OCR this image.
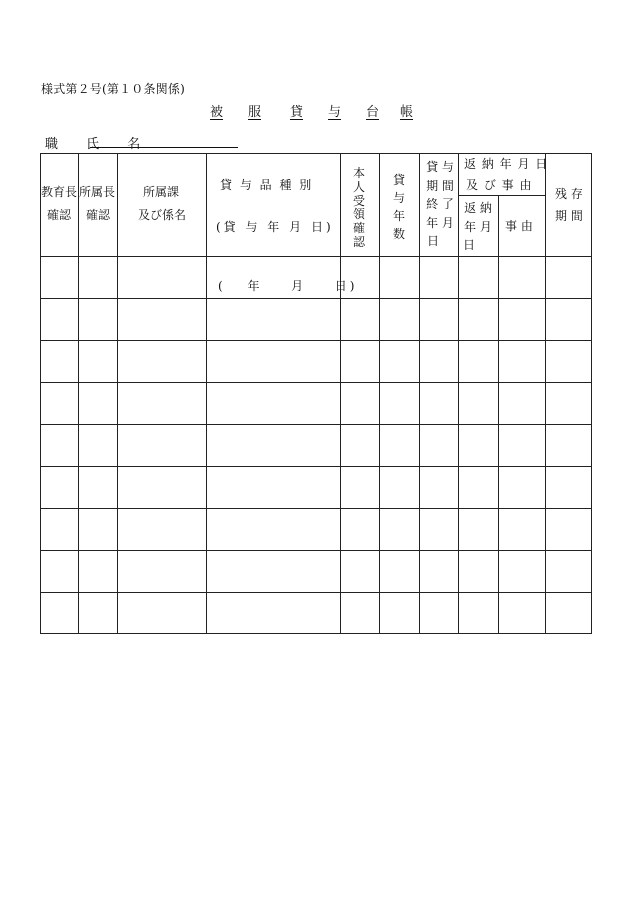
様式第２号(第１０条関係)
被 服 貸 与 台 帳
職 氏 名
教育長
確認
所属長
確認
所属課
及び係名
貸 与 品 種 別
(貸 与 年 月 日)
本
人
受
領
確
認
貸
与
年
数
貸 与
期 間
終 了
年 月
日
返 納 年 月 日
及 び 事 由
返 納
年 月
日
事 由
残 存
期 間
(　 年 　 月 　 日)
